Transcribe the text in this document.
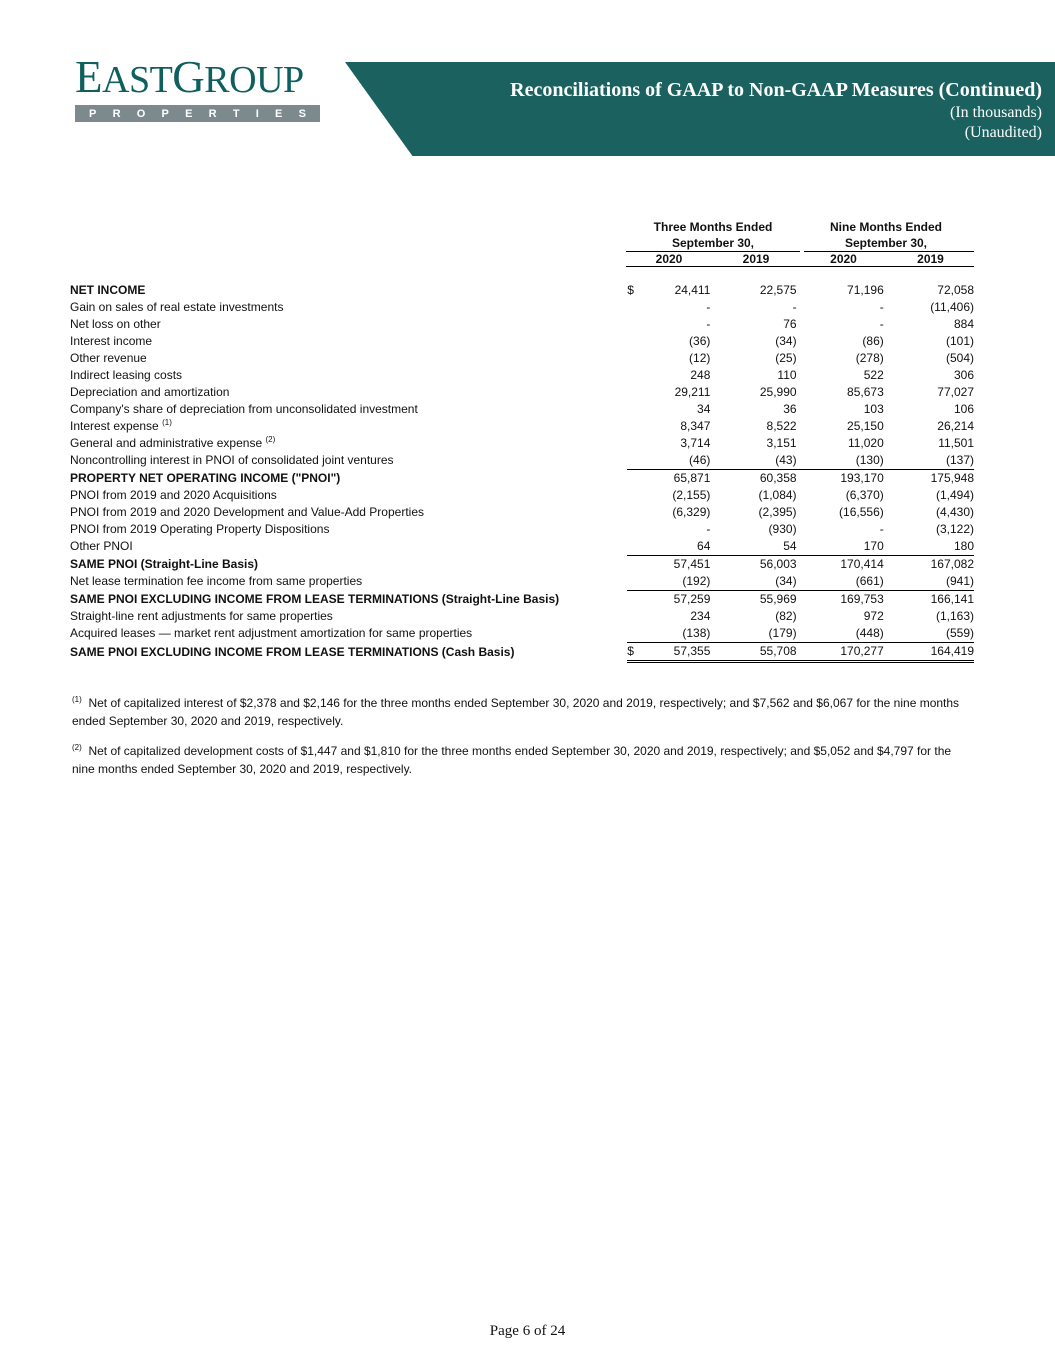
EASTGROUP
P R O P E R T I E S
Reconciliations of GAAP to Non-GAAP Measures (Continued)
(In thousands)
(Unaudited)
Three Months Ended
September 30,
Nine Months Ended
September 30,
2020	2019	2020	2019
NET INCOME	$	24,411	22,575	71,196	72,058
Gain on sales of real estate investments		-	-	-	(11,406)
Net loss on other		-	76	-	884
Interest income		(36)	(34)	(86)	(101)
Other revenue		(12)	(25)	(278)	(504)
Indirect leasing costs		248	110	522	306
Depreciation and amortization		29,211	25,990	85,673	77,027
Company's share of depreciation from unconsolidated investment		34	36	103	106
Interest expense $^{(1)}$		8,347	8,522	25,150	26,214
General and administrative expense $^{(2)}$		3,714	3,151	11,020	11,501
Noncontrolling interest in PNOI of consolidated joint ventures		(46)	(43)	(130)	(137)
PROPERTY NET OPERATING INCOME ("PNOI")		65,871	60,358	193,170	175,948
PNOI from 2019 and 2020 Acquisitions		(2,155)	(1,084)	(6,370)	(1,494)
PNOI from 2019 and 2020 Development and Value-Add Properties		(6,329)	(2,395)	(16,556)	(4,430)
PNOI from 2019 Operating Property Dispositions		-	(930)	-	(3,122)
Other PNOI		64	54	170	180
SAME PNOI (Straight-Line Basis)		57,451	56,003	170,414	167,082
Net lease termination fee income from same properties		(192)	(34)	(661)	(941)
SAME PNOI EXCLUDING INCOME FROM LEASE TERMINATIONS (Straight-Line Basis)		57,259	55,969	169,753	166,141
Straight-line rent adjustments for same properties		234	(82)	972	(1,163)
Acquired leases — market rent adjustment amortization for same properties		(138)	(179)	(448)	(559)
SAME PNOI EXCLUDING INCOME FROM LEASE TERMINATIONS (Cash Basis)	$	57,355	55,708	170,277	164,419
$^{(1)}$ Net of capitalized interest of $2,378 and $2,146 for the three months ended September 30, 2020 and 2019, respectively; and $7,562 and $6,067 for the nine months ended September 30, 2020 and 2019, respectively.
$^{(2)}$ Net of capitalized development costs of $1,447 and $1,810 for the three months ended September 30, 2020 and 2019, respectively; and $5,052 and $4,797 for the nine months ended September 30, 2020 and 2019, respectively.
Page 6 of 24
